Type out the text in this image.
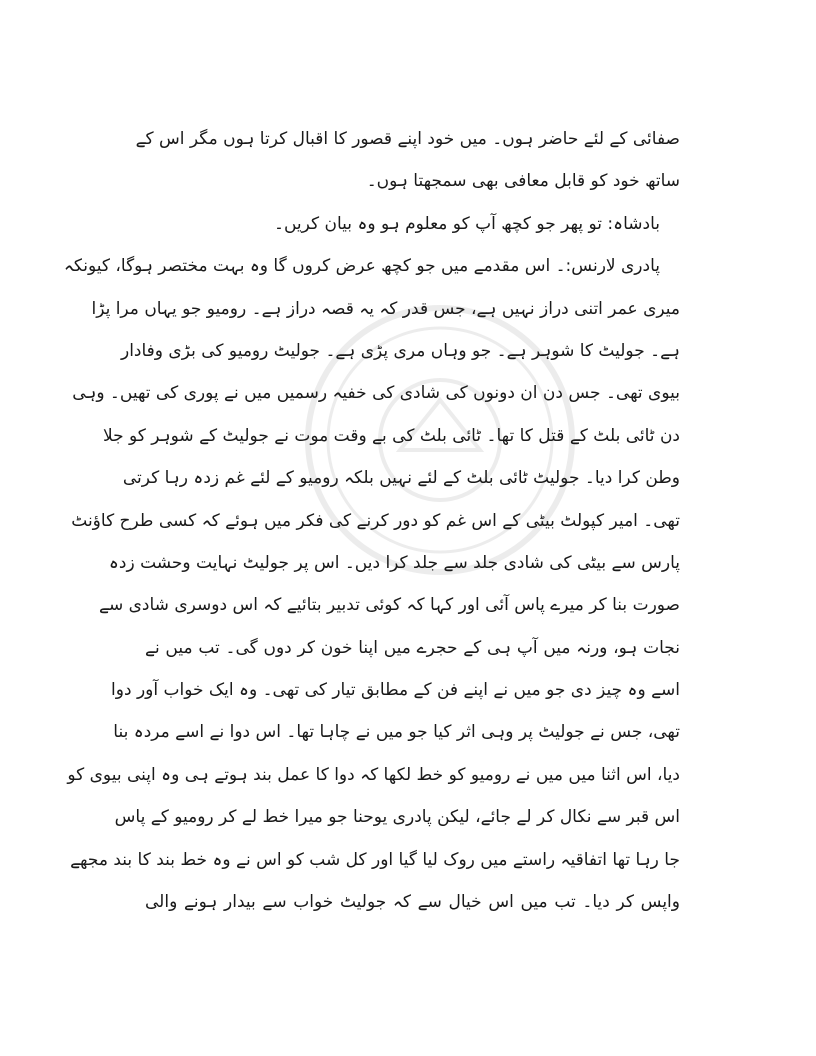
صفائی کے لئے حاضر ہوں۔ میں خود اپنے قصور کا اقبال کرتا ہوں مگر اس کے
ساتھ خود کو قابل معافی بھی سمجھتا ہوں۔
بادشاہ: تو پھر جو کچھ آپ کو معلوم ہو وہ بیان کریں۔
پادری لارنس:۔ اس مقدمے میں جو کچھ عرض کروں گا وہ بہت مختصر ہوگا، کیونکہ
میری عمر اتنی دراز نہیں ہے، جس قدر کہ یہ قصہ دراز ہے۔ رومیو جو یہاں مرا پڑا
ہے۔ جولیٹ کا شوہر ہے۔ جو وہاں مری پڑی ہے۔ جولیٹ رومیو کی بڑی وفادار
بیوی تھی۔ جس دن ان دونوں کی شادی کی خفیہ رسمیں میں نے پوری کی تھیں۔ وہی
دن ٹائی بلٹ کے قتل کا تھا۔ ٹائی بلٹ کی بے وقت موت نے جولیٹ کے شوہر کو جلا
وطن کرا دیا۔ جولیٹ ٹائی بلٹ کے لئے نہیں بلکہ رومیو کے لئے غم زدہ رہا کرتی
تھی۔ امیر کپولٹ بیٹی کے اس غم کو دور کرنے کی فکر میں ہوئے کہ کسی طرح کاؤنٹ
پارس سے بیٹی کی شادی جلد سے جلد کرا دیں۔ اس پر جولیٹ نہایت وحشت زدہ
صورت بنا کر میرے پاس آئی اور کہا کہ کوئی تدبیر بتائیے کہ اس دوسری شادی سے
نجات ہو، ورنہ میں آپ ہی کے حجرے میں اپنا خون کر دوں گی۔ تب میں نے
اسے وہ چیز دی جو میں نے اپنے فن کے مطابق تیار کی تھی۔ وہ ایک خواب آور دوا
تھی، جس نے جولیٹ پر وہی اثر کیا جو میں نے چاہا تھا۔ اس دوا نے اسے مردہ بنا
دیا، اس اثنا میں میں نے رومیو کو خط لکھا کہ دوا کا عمل بند ہوتے ہی وہ اپنی بیوی کو
اس قبر سے نکال کر لے جائے، لیکن پادری یوحنا جو میرا خط لے کر رومیو کے پاس
جا رہا تھا اتفاقیہ راستے میں روک لیا گیا اور کل شب کو اس نے وہ خط بند کا بند مجھے
واپس کر دیا۔ تب میں اس خیال سے کہ جولیٹ خواب سے بیدار ہونے والی
